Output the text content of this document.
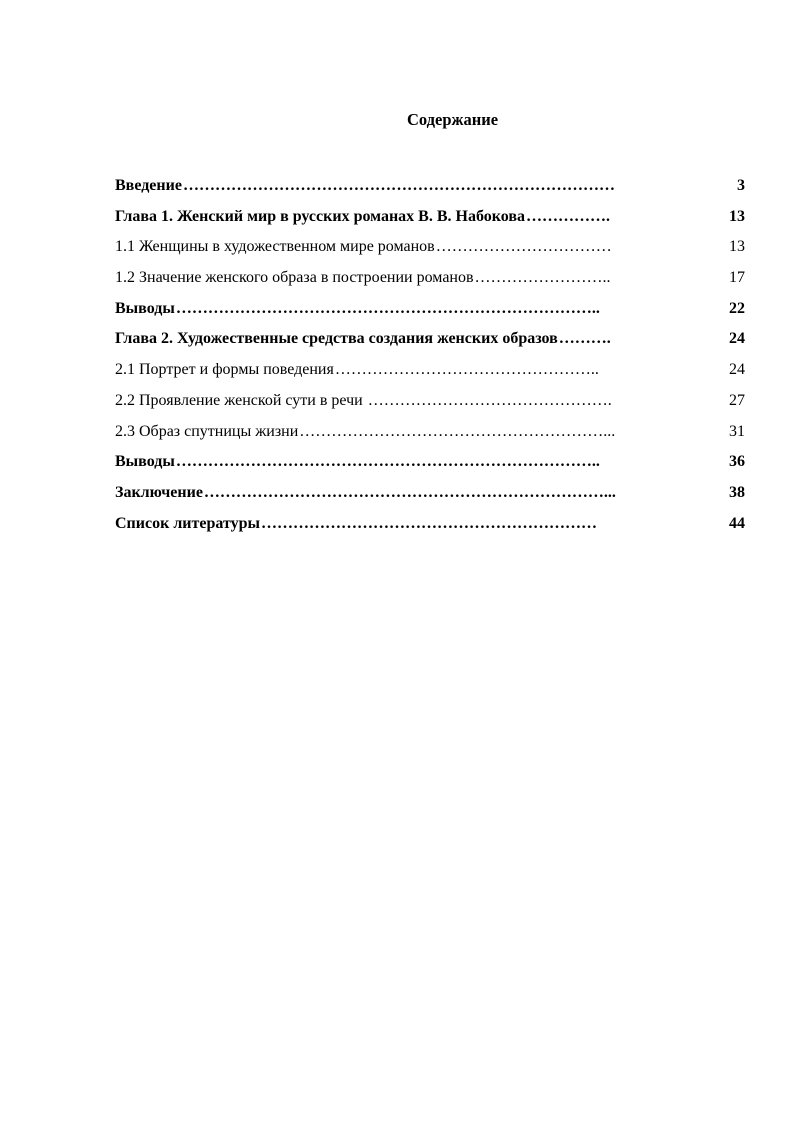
Содержание
Введение………………………………………………………………………	3
Глава 1. Женский мир в русских романах В. В. Набокова…………….	13
1.1 Женщины в художественном мире романов……………………………	13
1.2 Значение женского образа в построении романов……………………..	17
Выводы……………………………………………………………………..	22
Глава 2. Художественные средства создания женских образов……….	24
2.1 Портрет и формы поведения…………………………………………..	24
2.2 Проявление женской сути в речи ……………………………………….	27
2.3 Образ спутницы жизни…………………………………………………...	31
Выводы……………………………………………………………………..	36
Заключение…………………………………………………………………...	38
Список литературы………………………………………………………	44
